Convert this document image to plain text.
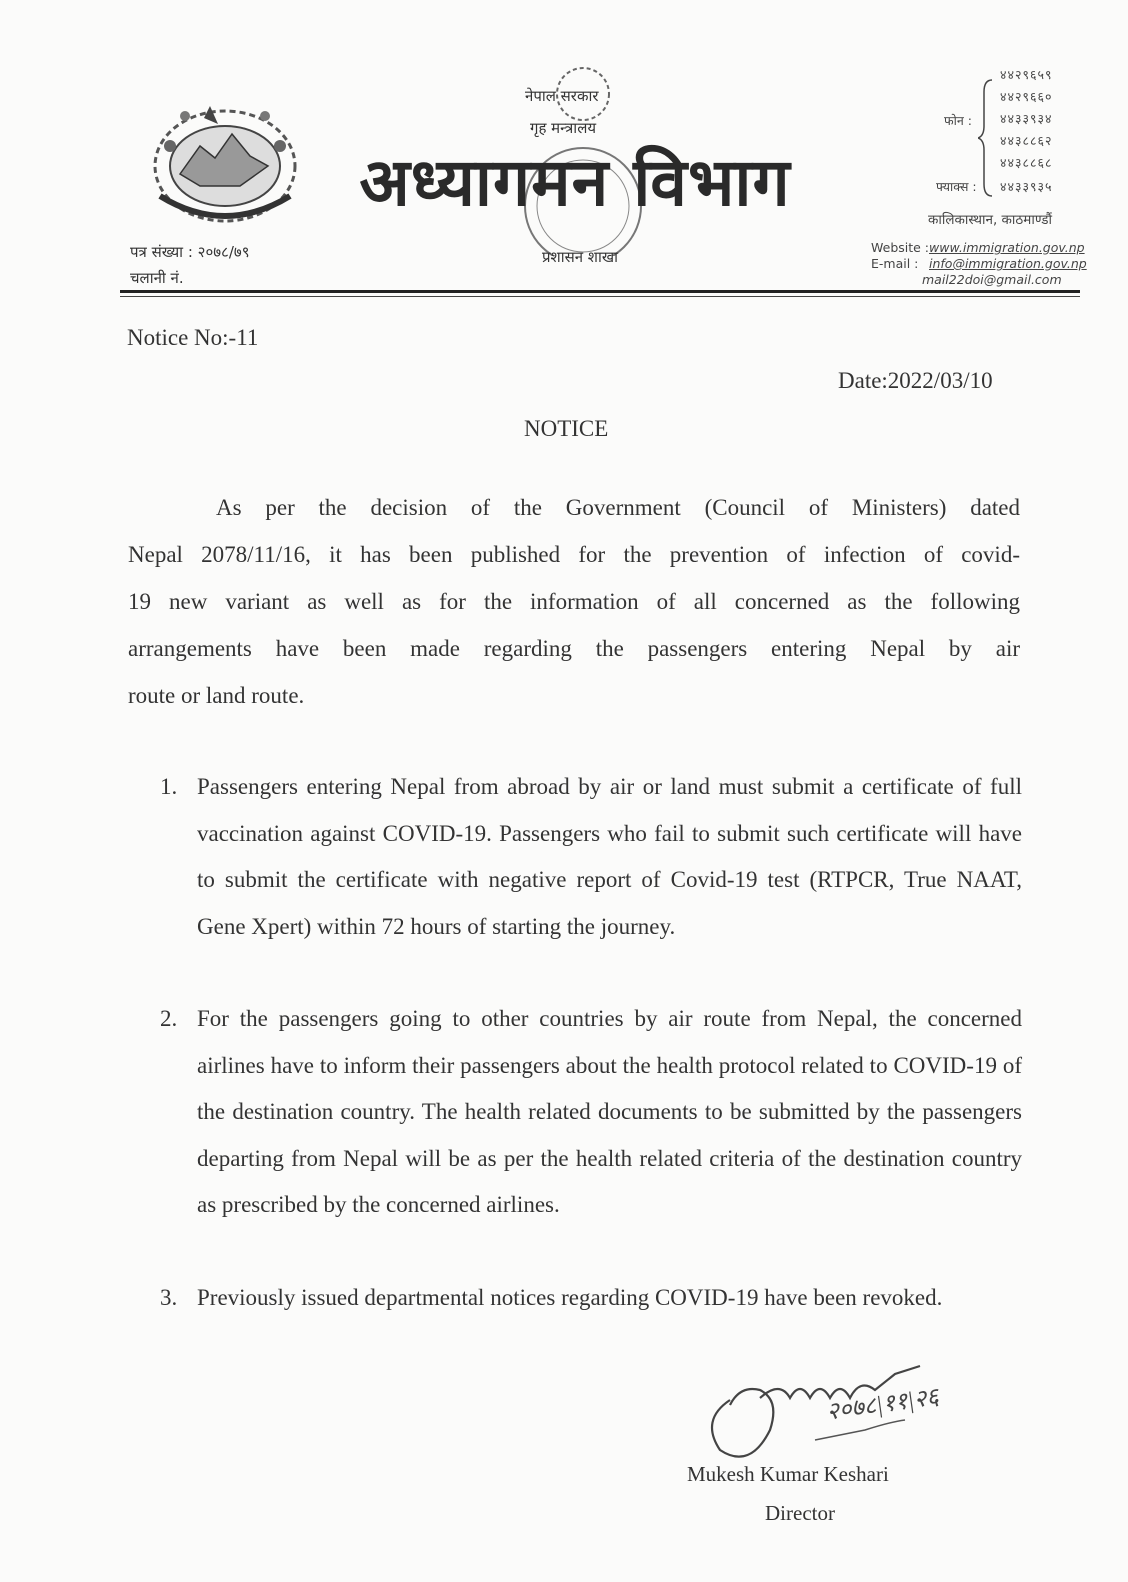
नेपाल सरकार
गृह मन्त्रालय
अध्यागमन विभाग
प्रशासन शाखा
पत्र संख्या : २०७८/७९
चलानी नं.
४४२९६५९
४४२९६६०
४४३३९३४
४४३८८६२
४४३८८६८
फोन :
फ्याक्स : ४४३३९३५
कालिकास्थान, काठमाण्डौं
Website : www.immigration.gov.np
E-mail : info@immigration.gov.np
mail22doi@gmail.com
Notice No:-11
Date:2022/03/10
NOTICE
As per the decision of the Government (Council of Ministers) dated
Nepal 2078/11/16, it has been published for the prevention of infection of covid-
19 new variant as well as for the information of all concerned as the following
arrangements have been made regarding the passengers entering Nepal by air
route or land route.
1. Passengers entering Nepal from abroad by air or land must submit a certificate of full vaccination against COVID-19. Passengers who fail to submit such certificate will have to submit the certificate with negative report of Covid-19 test (RTPCR, True NAAT, Gene Xpert) within 72 hours of starting the journey.
2. For the passengers going to other countries by air route from Nepal, the concerned airlines have to inform their passengers about the health protocol related to COVID-19 of the destination country. The health related documents to be submitted by the passengers departing from Nepal will be as per the health related criteria of the destination country as prescribed by the concerned airlines.
3. Previously issued departmental notices regarding COVID-19 have been revoked.
२०७८|११|२६
Mukesh Kumar Keshari
Director
